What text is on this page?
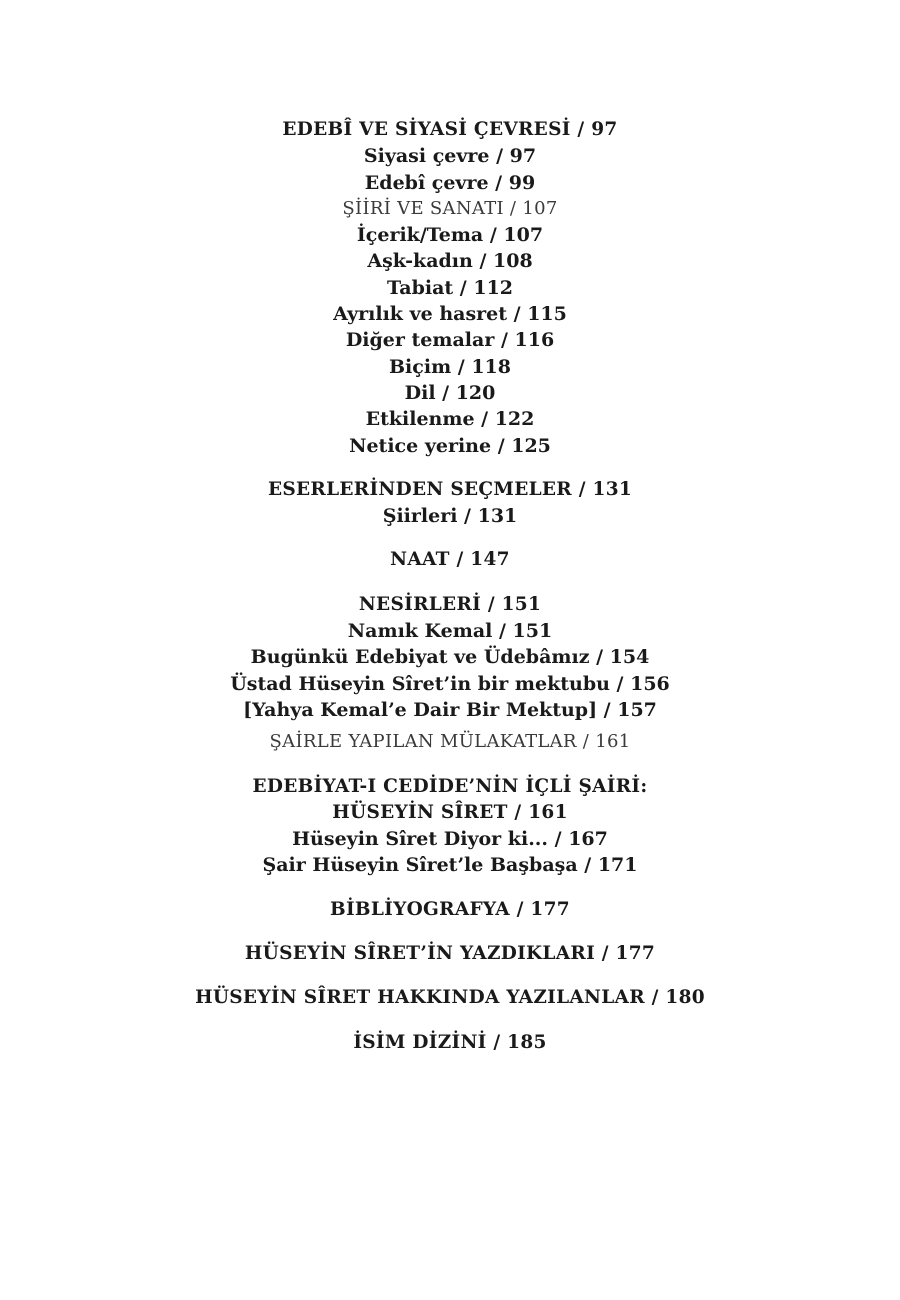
EDEBÎ VE SİYASİ ÇEVRESİ / 97
Siyasi çevre / 97
Edebî çevre / 99
ŞİİRİ VE SANATI / 107
İçerik/Tema / 107
Aşk-kadın / 108
Tabiat / 112
Ayrılık ve hasret / 115
Diğer temalar / 116
Biçim / 118
Dil / 120
Etkilenme / 122
Netice yerine / 125
ESERLERİNDEN SEÇMELER / 131
Şiirleri / 131
NAAT / 147
NESİRLERİ / 151
Namık Kemal / 151
Bugünkü Edebiyat ve Üdebâmız / 154
Üstad Hüseyin Sîret’in bir mektubu / 156
[Yahya Kemal’e Dair Bir Mektup] / 157
ŞAİRLE YAPILAN MÜLAKATLAR / 161
EDEBİYAT-I CEDİDE’NİN İÇLİ ŞAİRİ:
HÜSEYİN SÎRET / 161
Hüseyin Sîret Diyor ki... / 167
Şair Hüseyin Sîret’le Başbaşa / 171
BİBLİYOGRAFYA / 177
HÜSEYİN SÎRET’İN YAZDIKLARI / 177
HÜSEYİN SÎRET HAKKINDA YAZILANLAR / 180
İSİM DİZİNİ / 185
